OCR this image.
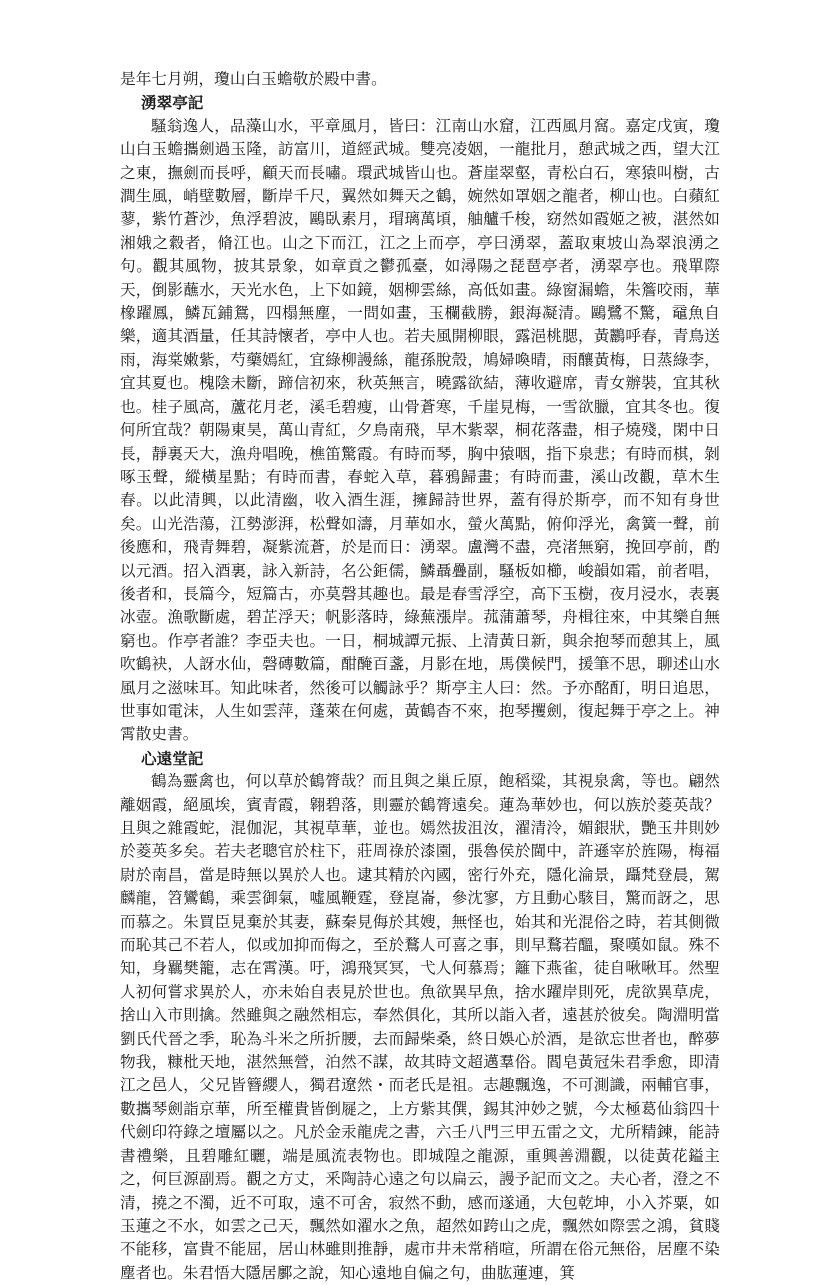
是年七月朔，瓊山白玉蟾敬於殿中書。

湧翠亭記

騷翁逸人，品藻山水，平章風月，皆曰：江南山水窟，江西風月窩。嘉定戊寅，瓊山白玉蟾攜劍過玉隆，訪富川，道經武城。雙亮凌姻，一龍批月，憩武城之西，望大江之東，撫劍而長呼，顧天而長嘯。環武城皆山也。蒼崖翠壑，青松白石，寒猿叫樹，古澗生風，峭壁數層，斷岸千尺，翼然如舞天之鶴，婉然如罩姻之龍者，柳山也。白蘋紅蓼，紫竹蒼沙，魚浮碧波，鷗臥素月，瑁璃萬頃，舳艫千梭，窈然如霞姬之被，湛然如湘娥之縠者，脩江也。山之下而江，江之上而亭，亭曰湧翠，蓋取東坡山為翠浪湧之句。觀其風物，披其景象，如章貢之鬱孤臺，如潯陽之琵琶亭者，湧翠亭也。飛單際天，倒影蘸水，天光水色，上下如鏡，姻柳雲絲，高低如畫。綠窗漏蟾，朱簷咬雨，華橡躍鳳，鱗瓦鋪鴛，四榻無塵，一問如畫，玉欄截勝，銀海凝清。鷗鷺不驚，黿魚自樂，適其酒量，任其詩懷者，亭中人也。若夫風開柳眼，露浥桃腮，黃鸝呼春，青鳥送雨，海棠嫩紫，芍藥嫣紅，宜綠柳謾絲，龍孫脫殼，鳩婦喚晴，雨釀黃梅，日蒸綠李，宜其夏也。槐陰未斷，蹄信初來，秋英無言，曉露欲結，薄收避席，青女辦裝，宜其秋也。桂子風高，蘆花月老，溪毛碧瘦，山骨蒼寒，千崖見梅，一雪欲臘，宜其冬也。復何所宜哉？朝陽東昊，萬山青紅，夕鳥南飛，早木紫翠，桐花落盡，相子燒殘，閑中日長，靜裏天大，漁舟唱晚，樵笛驚霞。有時而琴，胸中猿咽，指下泉悲；有時而棋，剝啄玉聲，縱橫星點；有時而書，春蛇入草，暮鴉歸畫；有時而畫，溪山改觀，草木生春。以此清興，以此清幽，收入酒生涯，擁歸詩世界，蓋有得於斯亭，而不知有身世矣。山光浩蕩，江勢澎湃，松聲如濤，月華如水，螢火萬點，俯仰浮光，禽簧一聲，前後應和，飛青舞碧，凝紫流蒼，於是而日：湧翠。盧灣不盡，亮渚無窮，挽回亭前，酌以元酒。招入酒裏，詠入新詩，名公鉅儒，鱗聶疊副，騷板如櫛，峻韻如霜，前者唱，後者和，長篇今，短篇古，亦莫磬其趣也。最是春雪浮空，高下玉樹，夜月浸水，表裏冰壺。漁歌斷處，碧芷浮天；帆影落時，綠蕪漲岸。菰蒲蕭琴，舟楫往來，中其樂自無窮也。作亭者誰？李亞夫也。一日，桐城譚元振、上清黃日新，與余抱琴而憩其上，風吹鶴袂，人訝水仙，磬磚數篇，酣醃百盞，月影在地，馬僕候門，援筆不思，聊述山水風月之滋味耳。知此味者，然後可以觸詠乎？斯亭主人曰：然。予亦酩酊，明日追思，世事如電沫，人生如雲萍，蓬萊在何處，黃鶴杳不來，抱琴攫劍，復起舞于亭之上。神霄散史書。

心遠堂記

鶴為靈禽也，何以草於鶴膂哉？而且與之巢丘原，飽稻粱，其視泉禽，等也。翩然離姻霞，絕風埃，賓青霞，翱碧落，則靈於鶴膂遠矣。蓮為華妙也，何以族於菱英哉？且與之雜霞蛇，混伽泥，其視草華，並也。嫣然拔沮汝，濯清泠，媚銀狀，艷玉井則妙於菱英多矣。若夫老聰官於柱下，莊周祿於漆園，張魯侯於閫中，許遜宰於旌陽，梅福尉於南昌，當是時無以異於人也。逮其精於內國，密行外充，隱化淪景，躡梵登晨，駕麟龍，笤鸞鶴，乘雲御氣，噓風鞭霆，登崑崙，參沈寥，方且動心駭目，驚而訝之，思而慕之。朱買臣見棄於其妻，蘇秦見侮於其嫂，無怪也，始其和光混俗之時，若其側微而恥其己不若人，似或加抑而侮之，至於鶩人可喜之事，則早鶩若醞，聚嘆如鼠。殊不知，身羈樊籠，志在霄漢。吁，鴻飛冥冥，弋人何慕焉；籬下燕雀，徒自啾啾耳。然聖人初何嘗求異於人，亦未始自表見於世也。魚欲異早魚，捨水躍岸則死，虎欲異草虎，捨山入市則擒。然雖與之融然相忘，奉然俱化，其所以詣入者，遠甚於彼矣。陶淵明當劉氏代晉之季，恥為斗米之所折腰，去而歸柴桑，終日娛心於酒，是欲忘世者也，醉夢物我，糠枇天地，湛然無營，泊然不謀，故其時文超邁羣俗。閻皂黃冠朱君季愈，即清江之邑人，父兄皆簪纓人，獨君遼然・而老氏是祖。志趣飄逸，不可測識，兩輔官事，數攜琴劍詣京華，所至權貴皆倒屣之，上方紫其僎，錫其沖妙之號，今太極葛仙翁四十代劍印符錄之壇屬以之。凡於金汞龍虎之書，六壬八門三甲五雷之文，尤所精鍊，能詩書禮樂，且碧雕紅曬，端是風流表物也。即城隍之龍源，重興善淵觀，以徒黃花鎰主之，何巨源副焉。觀之方丈，釆陶詩心遠之句以扁云，謾予記而文之。夫心者，澄之不清，撓之不濁，近不可取，遠不可舍，寂然不動，感而遂通，大包乾坤，小入芥粟，如玉蓮之不水，如雲之己天，飄然如濯水之魚，超然如跨山之虎，飄然如際雲之鴻，貧賤不能移，富貴不能屈，居山林雖則推靜，處市井未常稍喧，所謂在俗元無俗，居塵不染塵者也。朱君悟大隱居鄽之說，知心遠地自偏之句，曲肱蓮連，箕
